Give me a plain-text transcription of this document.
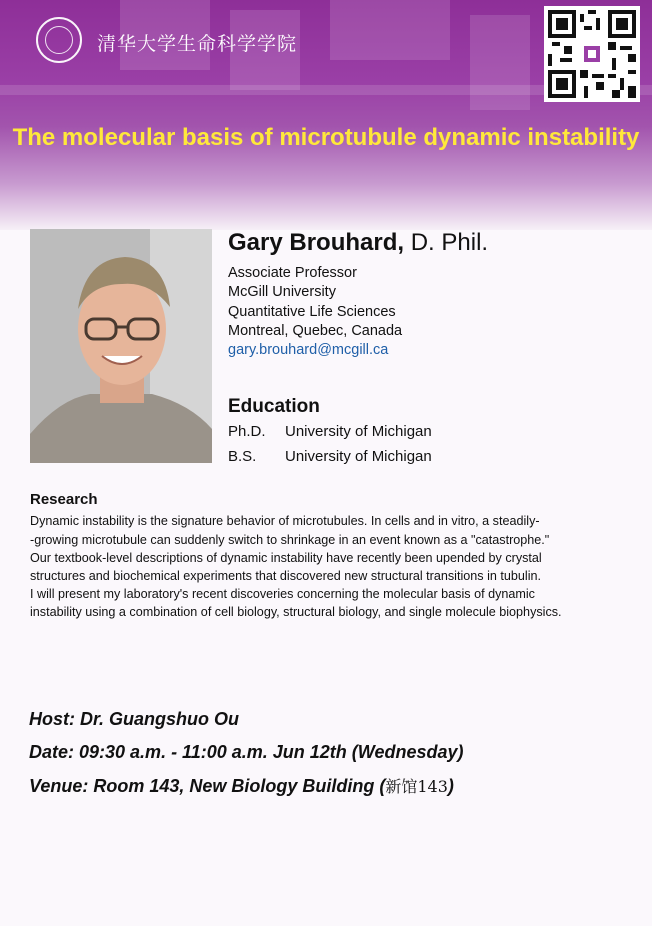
清华大学生命科学学院
The molecular basis of microtubule dynamic instability
Gary Brouhard, D. Phil.
Associate Professor
McGill University
Quantitative Life Sciences
Montreal, Quebec, Canada
gary.brouhard@mcgill.ca
Education
Ph.D. University of Michigan
B.S. University of Michigan
Research
Dynamic instability is the signature behavior of microtubules. In cells and in vitro, a steadily-
-growing microtubule can suddenly switch to shrinkage in an event known as a "catastrophe."
Our textbook-level descriptions of dynamic instability have recently been upended by crystal
structures and biochemical experiments that discovered new structural transitions in tubulin.
I will present my laboratory's recent discoveries concerning the molecular basis of dynamic
instability using a combination of cell biology, structural biology, and single molecule biophysics.
Host: Dr. Guangshuo Ou
Date: 09:30 a.m. - 11:00 a.m. Jun 12th (Wednesday)
Venue: Room 143, New Biology Building (新馆143)
